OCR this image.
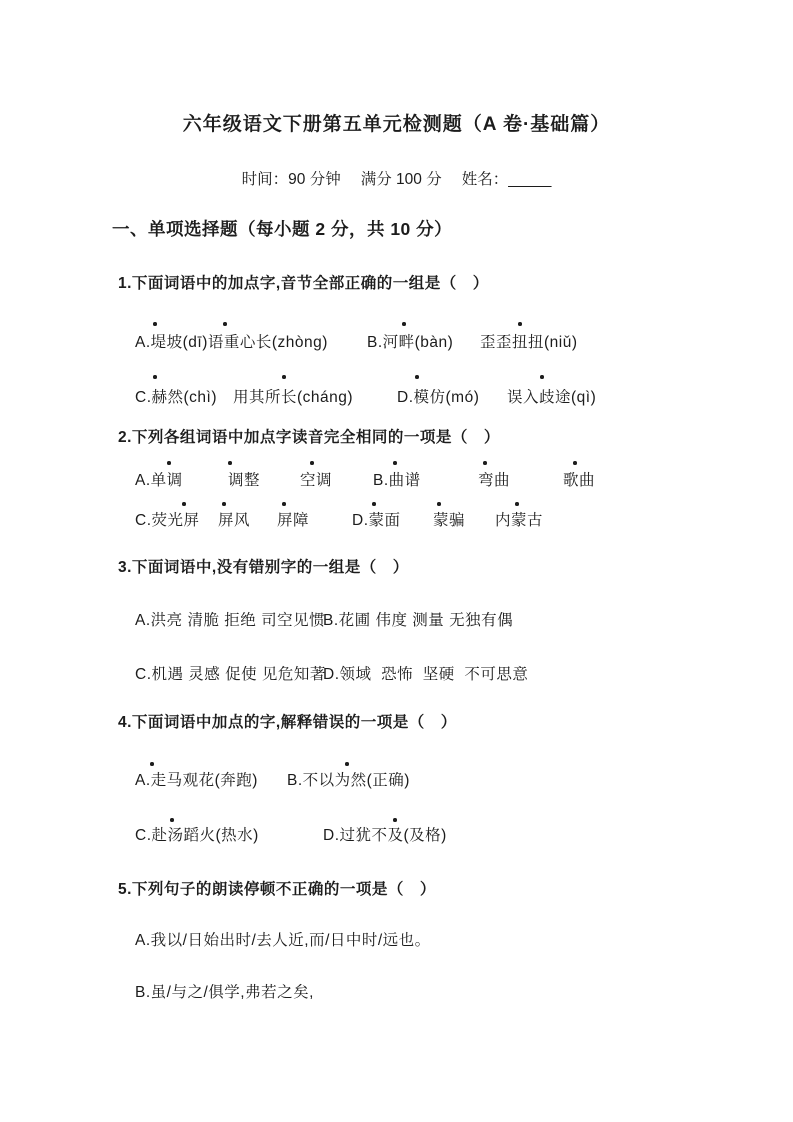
六年级语文下册第五单元检测题（A 卷·基础篇）
时间：90 分钟 满分 100 分 姓名：_____
一、单项选择题（每小题 2 分，共 10 分）
1.下面词语中的加点字,音节全部正确的一组是（　）
A.堤坡(dī)语重心长(zhòng)	B.河畔(bàn) 歪歪扭扭(niǔ)
C.赫然(chì) 用其所长(cháng)	D.模仿(mó) 误入歧途(qì)
2.下列各组词语中加点字读音完全相同的一项是（　）
A.单调	调整	空调	B.曲谱	弯曲	歌曲
C.荧光屏 屏风 屏障	D.蒙面 蒙骗 内蒙古
3.下面词语中,没有错别字的一组是（　）
A.洪亮 清脆 拒绝 司空见惯
B.花圃 伟度 测量 无独有偶
C.机遇 灵感 促使 见危知著
D.领域  恐怖  坚硬  不可思意
4.下面词语中加点的字,解释错误的一项是（　）
A.走马观花(奔跑) B.不以为然(正确)
C.赴汤蹈火(热水)	D.过犹不及(及格)
5.下列句子的朗读停顿不正确的一项是（　）
A.我以/日始出时/去人近,而/日中时/远也。
B.虽/与之/俱学,弗若之矣,
